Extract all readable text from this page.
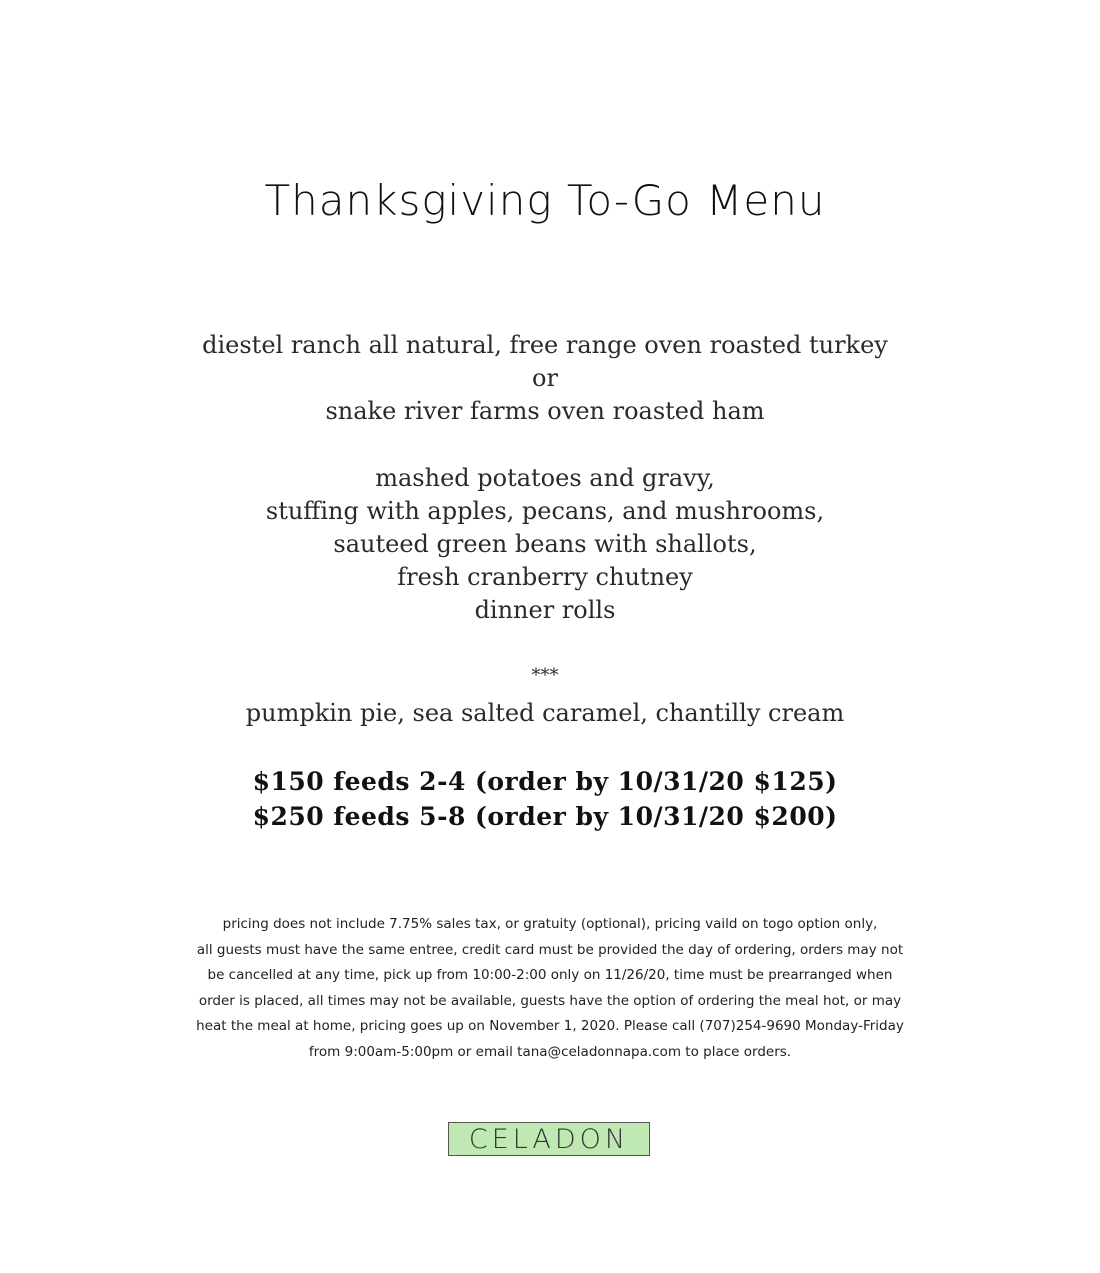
Thanksgiving To-Go Menu
diestel ranch all natural, free range oven roasted turkey
or
snake river farms oven roasted ham
mashed potatoes and gravy,
stuffing with apples, pecans, and mushrooms,
sauteed green beans with shallots,
fresh cranberry chutney
dinner rolls
***
pumpkin pie, sea salted caramel, chantilly cream
$150 feeds 2-4 (order by 10/31/20 $125)
$250 feeds 5-8 (order by 10/31/20 $200)
pricing does not include 7.75% sales tax, or gratuity (optional), pricing vaild on togo option only,
all guests must have the same entree, credit card must be provided the day of ordering, orders may not
be cancelled at any time, pick up from 10:00-2:00 only on 11/26/20, time must be prearranged when
order is placed, all times may not be available, guests have the option of ordering the meal hot, or may
heat the meal at home, pricing goes up on November 1, 2020. Please call (707)254-9690 Monday-Friday
from 9:00am-5:00pm or email tana@celadonnapa.com to place orders.
CELADON
